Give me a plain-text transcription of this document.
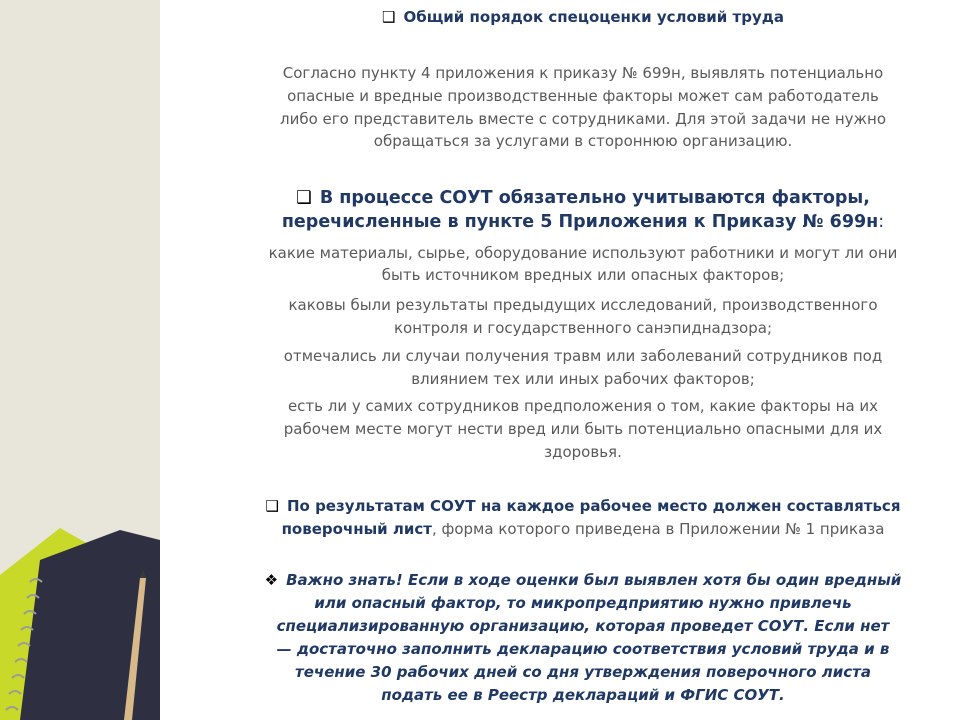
❑ Общий порядок спецоценки условий труда
Согласно пункту 4 приложения к приказу № 699н, выявлять потенциально
опасные и вредные производственные факторы может сам работодатель
либо его представитель вместе с сотрудниками. Для этой задачи не нужно
обращаться за услугами в стороннюю организацию.
❑ В процессе СОУТ обязательно учитываются факторы,
перечисленные в пункте 5 Приложения к Приказу № 699н:
какие материалы, сырье, оборудование используют работники и могут ли они
быть источником вредных или опасных факторов;
каковы были результаты предыдущих исследований, производственного
контроля и государственного санэпиднадзора;
отмечались ли случаи получения травм или заболеваний сотрудников под
влиянием тех или иных рабочих факторов;
есть ли у самих сотрудников предположения о том, какие факторы на их
рабочем месте могут нести вред или быть потенциально опасными для их
здоровья.
❑ По результатам СОУТ на каждое рабочее место должен составляться
поверочный лист, форма которого приведена в Приложении № 1 приказа
❖ Важно знать! Если в ходе оценки был выявлен хотя бы один вредный
или опасный фактор, то микропредприятию нужно привлечь
специализированную организацию, которая проведет СОУТ. Если нет
— достаточно заполнить декларацию соответствия условий труда и в
течение 30 рабочих дней со дня утверждения поверочного листа
подать ее в Реестр деклараций и ФГИС СОУТ.
